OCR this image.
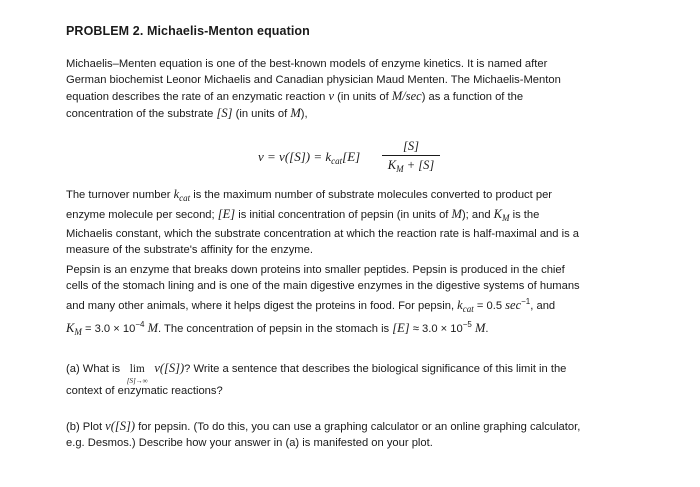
PROBLEM 2. Michaelis-Menton equation
Michaelis–Menten equation is one of the best-known models of enzyme kinetics. It is named after
German biochemist Leonor Michaelis and Canadian physician Maud Menten. The Michaelis-Menton
equation describes the rate of an enzymatic reaction v (in units of M/sec) as a function of the
concentration of the substrate [S] (in units of M),
$v = v([S]) = k_{cat}[E]$
[S]
$K_M + [S]$
The turnover number $k_{cat}$ is the maximum number of substrate molecules converted to product per
enzyme molecule per second; [E] is initial concentration of pepsin (in units of M); and $K_M$ is the
Michaelis constant, which the substrate concentration at which the reaction rate is half-maximal and is a
measure of the substrate's affinity for the enzyme.
Pepsin is an enzyme that breaks down proteins into smaller peptides. Pepsin is produced in the chief
cells of the stomach lining and is one of the main digestive enzymes in the digestive systems of humans
and many other animals, where it helps digest the proteins in food. For pepsin, $k_{cat} = 0.5$ $\sec^{-1}$, and
$K_M = 3.0 \times 10^{-4}$ M. The concentration of pepsin in the stomach is $[E] \approx 3.0 \times 10^{-5}$ M.
(a) What is lim
[S]→∞
v([S])? Write a sentence that describes the biological significance of this limit in the
context of enzymatic reactions?
(b) Plot v([S]) for pepsin. (To do this, you can use a graphing calculator or an online graphing calculator,
e.g. Desmos.) Describe how your answer in (a) is manifested on your plot.
